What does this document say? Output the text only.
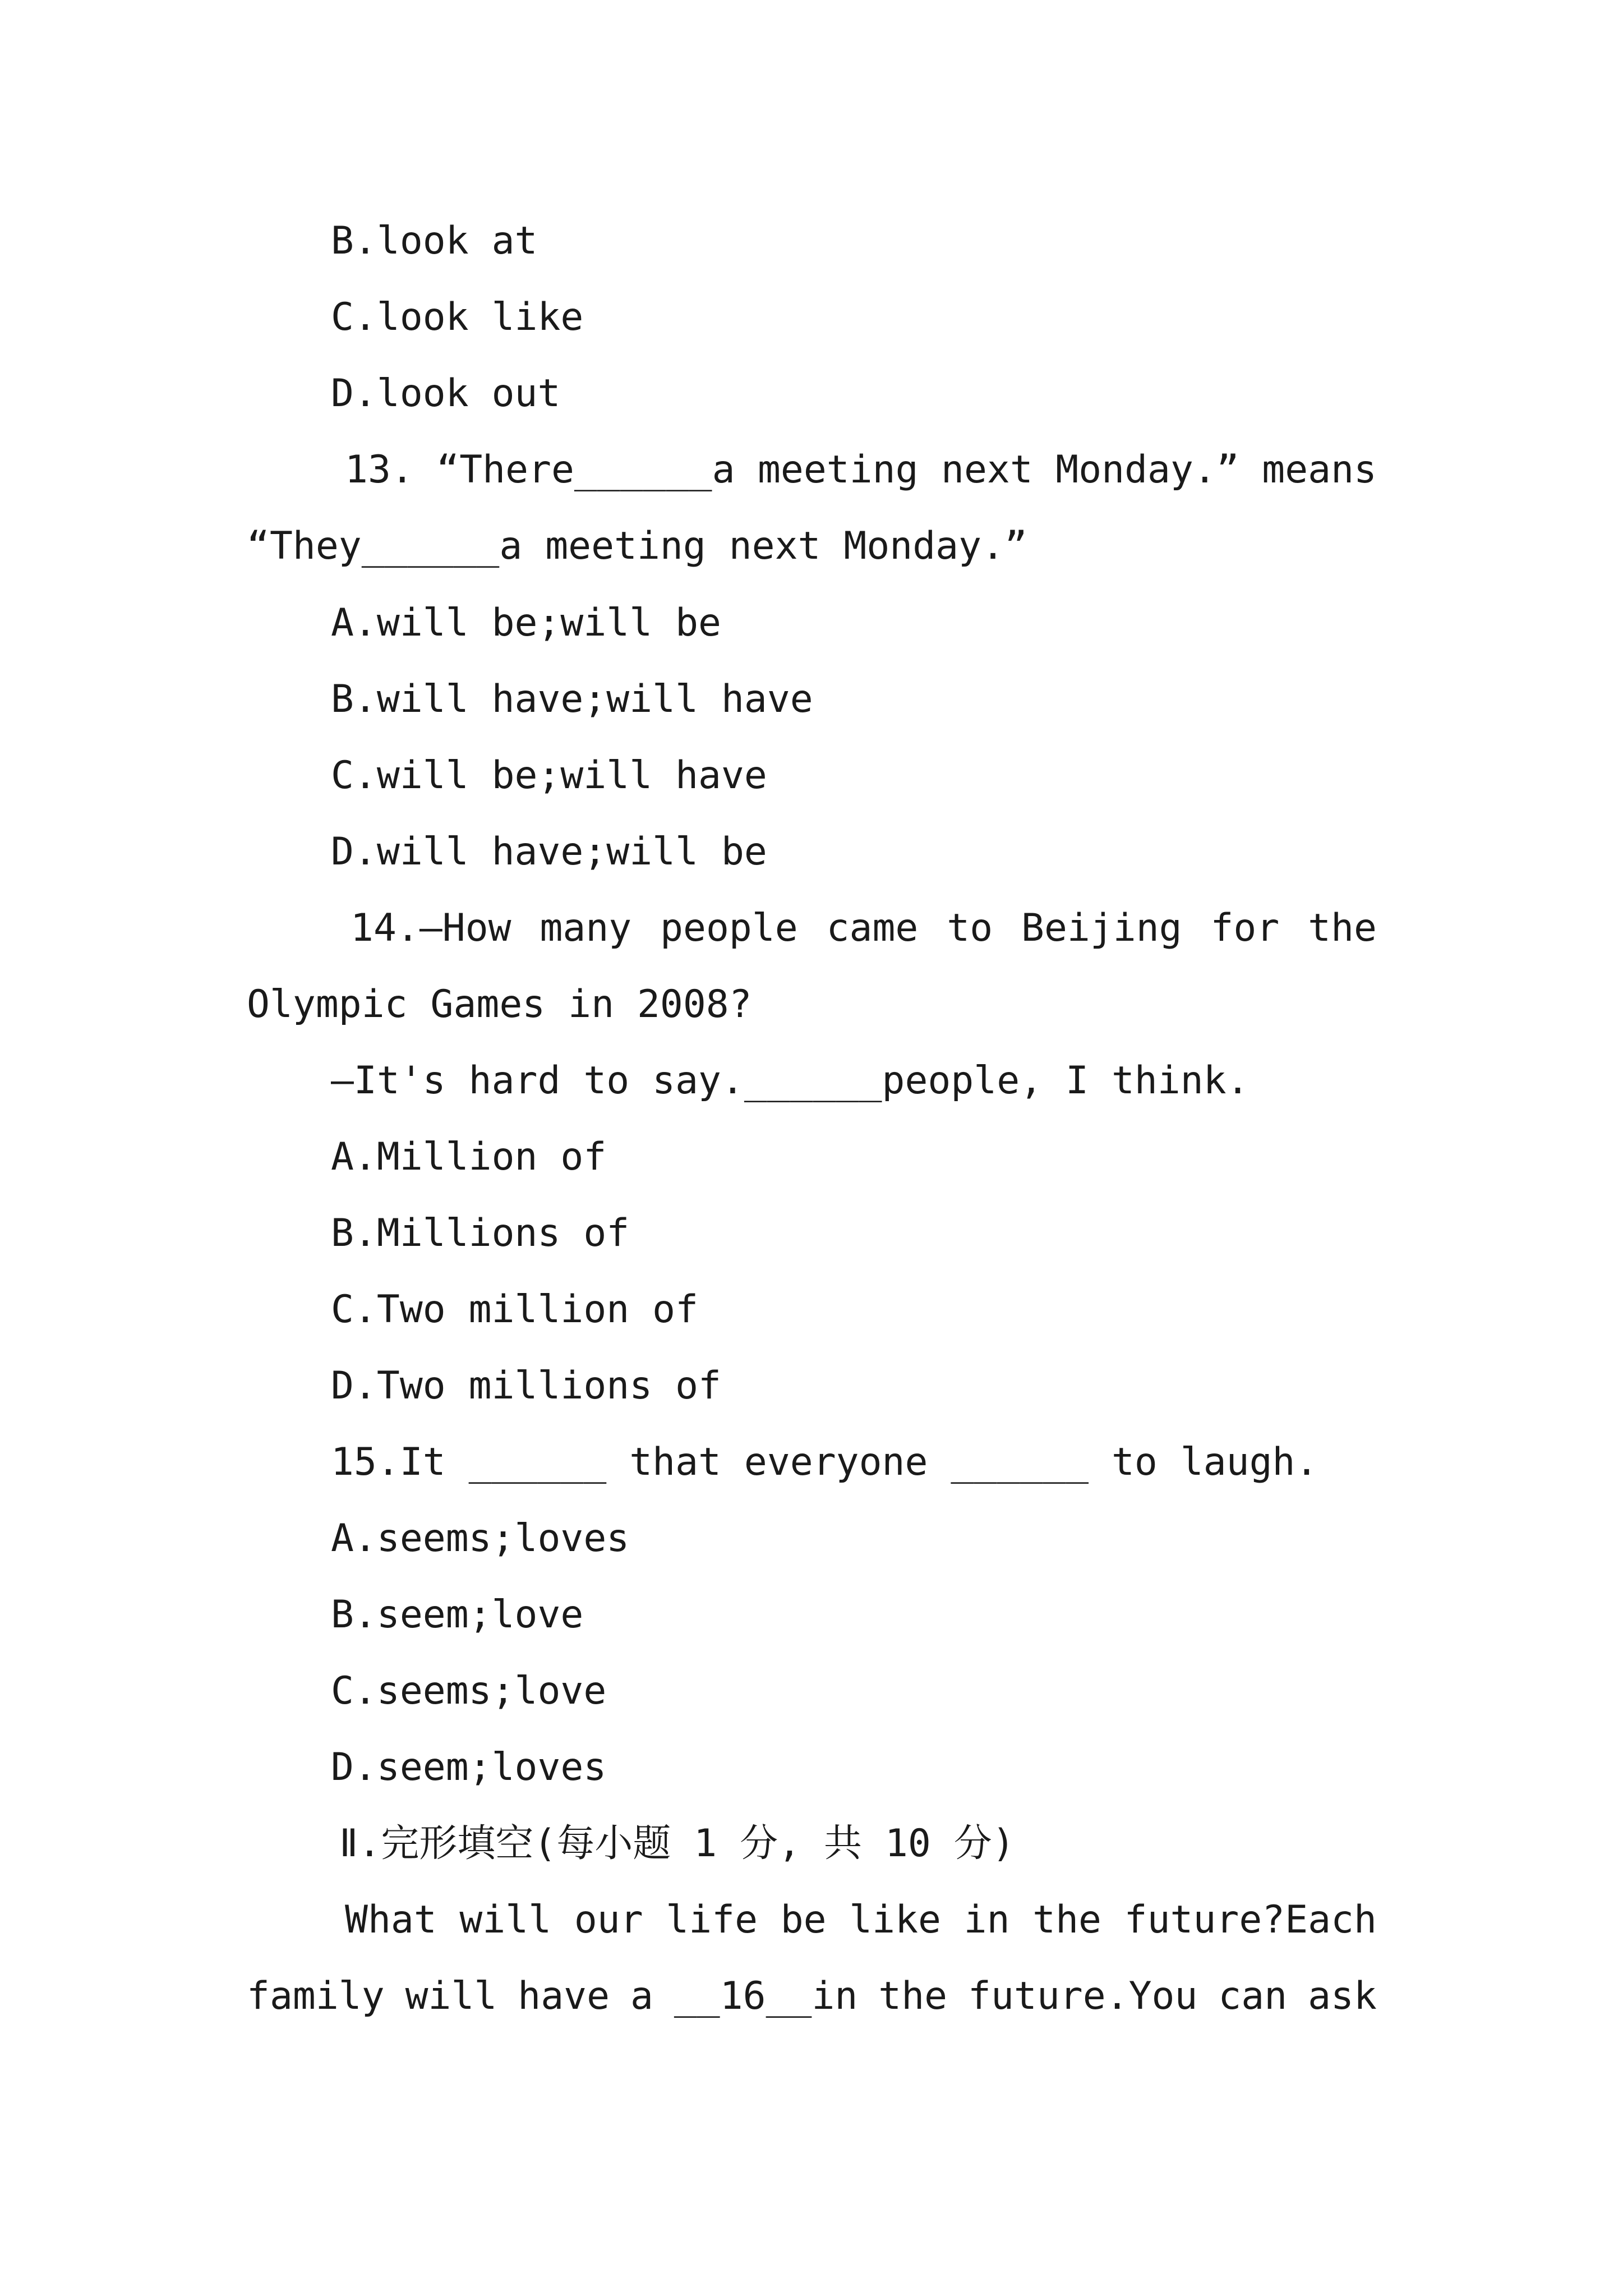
B.look at
C.look like
D.look out
13. “There______a meeting next Monday.” means
“They______a meeting next Monday.”
A.will be;will be
B.will have;will have
C.will be;will have
D.will have;will be
14.—How many people came to Beijing for the
Olympic Games in 2008?
—It's hard to say.______people, I think.
A.Million of
B.Millions of
C.Two million of
D.Two millions of
15.It ______ that everyone ______ to laugh.
A.seems;loves
B.seem;love
C.seems;love
D.seem;loves
Ⅱ.完形填空(每小题 1 分, 共 10 分)
What will our life be like in the future?Each
family will have a __16__in the future.You can ask
